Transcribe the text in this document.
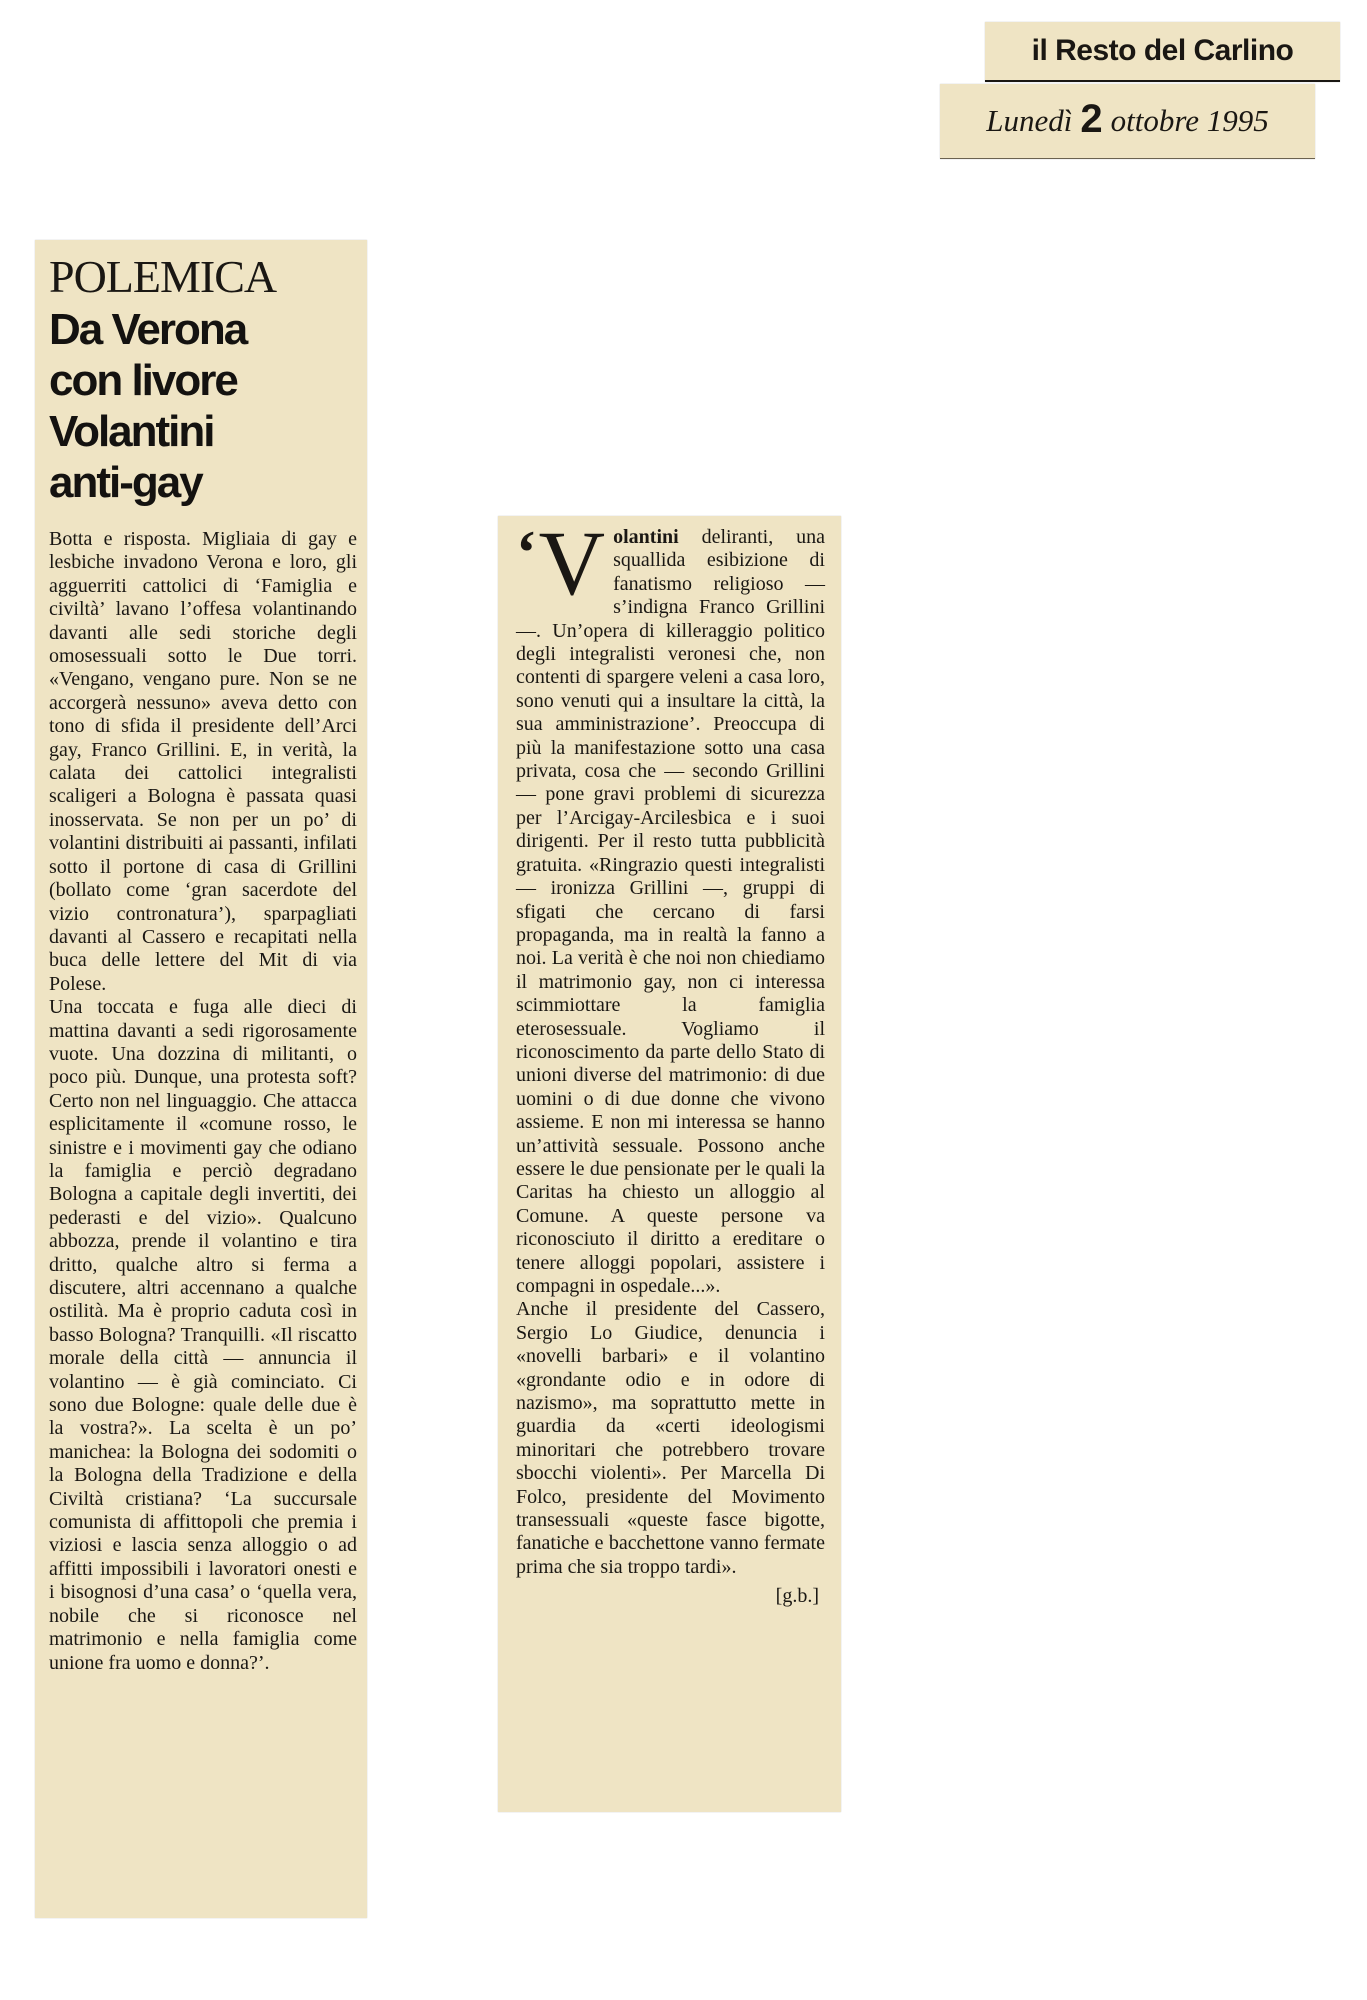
il Resto del Carlino
Lunedì 2 ottobre 1995
POLEMICA
Da Verona
con livore
Volantini
anti-gay

Botta e risposta. Migliaia di gay e lesbiche invadono Verona e loro, gli agguerriti cattolici di ‘Famiglia e civiltà’ lavano l’offesa volantinando davanti alle sedi storiche degli omosessuali sotto le Due torri. «Vengano, vengano pure. Non se ne accorgerà nessuno» aveva detto con tono di sfida il presidente dell’Arci gay, Franco Grillini. E, in verità, la calata dei cattolici integralisti scaligeri a Bologna è passata quasi inosservata. Se non per un po’ di volantini distribuiti ai passanti, infilati sotto il portone di casa di Grillini (bollato come ‘gran sacerdote del vizio contronatura’), sparpagliati davanti al Cassero e recapitati nella buca delle lettere del Mit di via Polese.

Una toccata e fuga alle dieci di mattina davanti a sedi rigorosamente vuote. Una dozzina di militanti, o poco più. Dunque, una protesta soft? Certo non nel linguaggio. Che attacca esplicitamente il «comune rosso, le sinistre e i movimenti gay che odiano la famiglia e perciò degradano Bologna a capitale degli invertiti, dei pederasti e del vizio». Qualcuno abbozza, prende il volantino e tira dritto, qualche altro si ferma a discutere, altri accennano a qualche ostilità. Ma è proprio caduta così in basso Bologna? Tranquilli. «Il riscatto morale della città — annuncia il volantino — è già cominciato. Ci sono due Bologne: quale delle due è la vostra?». La scelta è un po’ manichea: la Bologna dei sodomiti o la Bologna della Tradizione e della Civiltà cristiana? ‘La succursale comunista di affittopoli che premia i viziosi e lascia senza alloggio o ad affitti impossibili i lavoratori onesti e i bisognosi d’una casa’ o ‘quella vera, nobile che si riconosce nel matrimonio e nella famiglia come unione fra uomo e donna?’.

‘ V olantini deliranti, una squallida esibizione di fanatismo religioso — s’indigna Franco Grillini —. Un’opera di killeraggio politico degli integralisti veronesi che, non contenti di spargere veleni a casa loro, sono venuti qui a insultare la città, la sua amministrazione’. Preoccupa di più la manifestazione sotto una casa privata, cosa che — secondo Grillini — pone gravi problemi di sicurezza per l’Arcigay-Arcilesbica e i suoi dirigenti. Per il resto tutta pubblicità gratuita. «Ringrazio questi integralisti — ironizza Grillini —, gruppi di sfigati che cercano di farsi propaganda, ma in realtà la fanno a noi. La verità è che noi non chiediamo il matrimonio gay, non ci interessa scimmiottare la famiglia eterosessuale. Vogliamo il riconoscimento da parte dello Stato di unioni diverse del matrimonio: di due uomini o di due donne che vivono assieme. E non mi interessa se hanno un’attività sessuale. Possono anche essere le due pensionate per le quali la Caritas ha chiesto un alloggio al Comune. A queste persone va riconosciuto il diritto a ereditare o tenere alloggi popolari, assistere i compagni in ospedale...».

Anche il presidente del Cassero, Sergio Lo Giudice, denuncia i «novelli barbari» e il volantino «grondante odio e in odore di nazismo», ma soprattutto mette in guardia da «certi ideologismi minoritari che potrebbero trovare sbocchi violenti». Per Marcella Di Folco, presidente del Movimento transessuali «queste fasce bigotte, fanatiche e bacchettone vanno fermate prima che sia troppo tardi».

[g.b.]
